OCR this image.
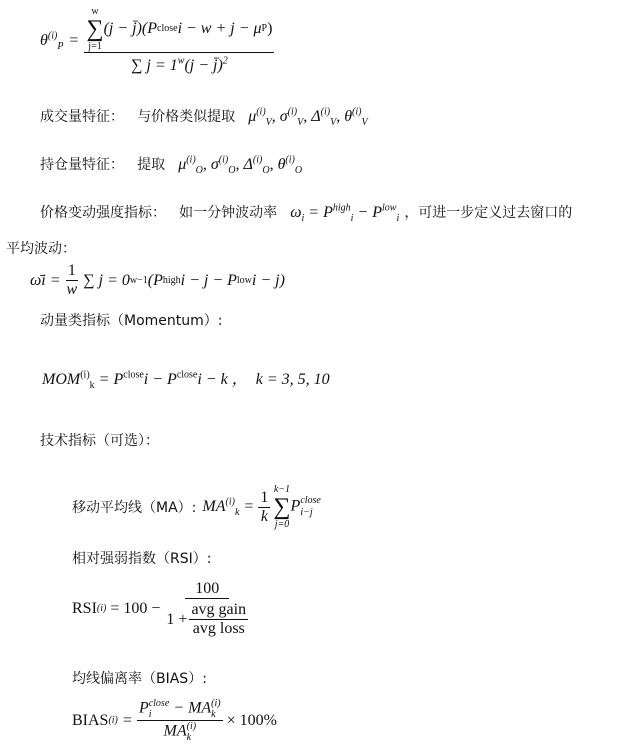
$\theta^{(i)}_P = w$
∑
j=1
(j − j̄)(P close i − w + j − μ P )
∑ $j = 1^w(j$ − j̄)$^2$
成交量特征： 与价格类似提取 $\mu^{(i)}_V$, $\sigma^{(i)}_V$, $\Delta^{(i)}_V$, $\theta^{(i)}_V$
持仓量特征： 提取 $\mu^{(i)}_O$, $\sigma^{(i)}_O$, $\Delta^{(i)}_O$, $\theta^{(i)}_O$
价格变动强度指标： 如一分钟波动率 $\omega_i = P^{high}_i - P^{low}_i$ ，可进一步定义过去窗口的
平均波动：
ω̄i = $\frac{1}{w}$ ∑ j = 0 w−1 (P high i − j − P low i − j)
动量类指标（Momentum）:
$MOM^{(i)}_k = P^{close}i - P^{close}i - k$ ， k = 3, 5, 10
技术指标（可选）：
移动平均线（MA）: $MA^{(i)}_k = \frac{1}{k} k-1$
∑
j=0
P close
i−j
相对强弱指数（RSI）:
RSI $(i) = 100 - \frac{100}{1 + \frac{\text{avg gain}}{\text{avg loss}}}$
均线偏离率（BIAS）:
BIAS (i) = P close
i	− MA (i)
k
MA (i)
k × 100%
